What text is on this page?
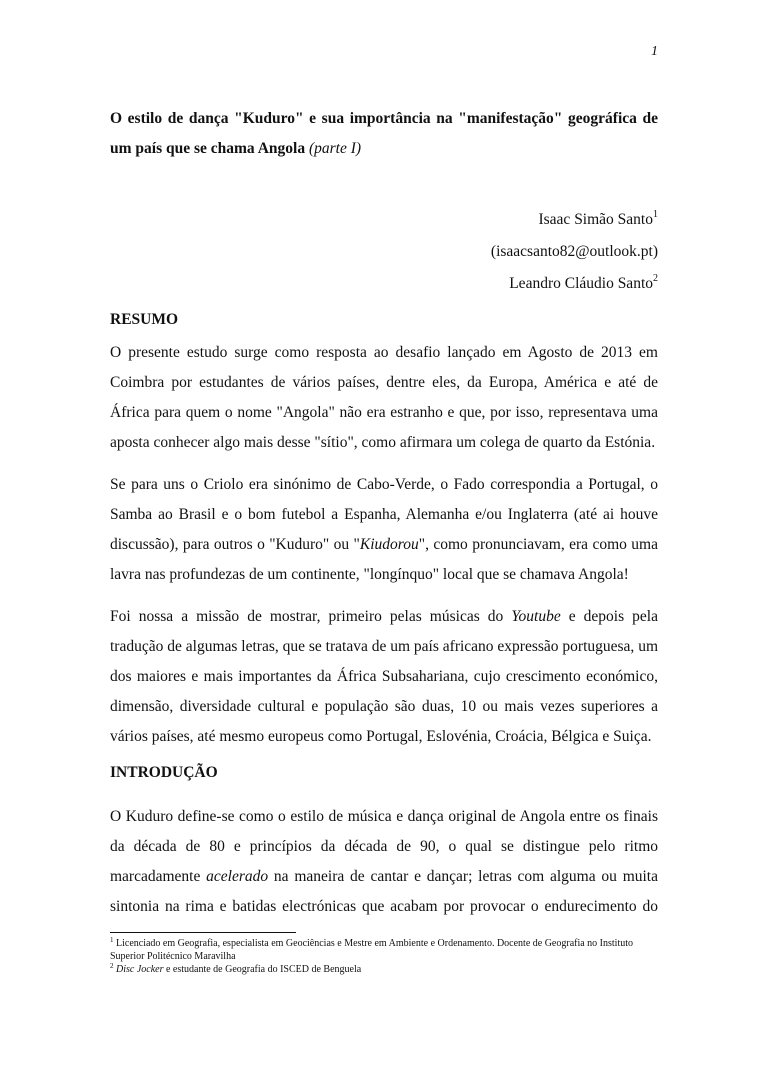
1
O estilo de dança "Kuduro" e sua importância na "manifestação" geográfica de um país que se chama Angola (parte I)
Isaac Simão Santo$^1$
(isaacsanto82@outlook.pt)
Leandro Cláudio Santo$^2$
RESUMO

O presente estudo surge como resposta ao desafio lançado em Agosto de 2013 em Coimbra por estudantes de vários países, dentre eles, da Europa, América e até de África para quem o nome "Angola" não era estranho e que, por isso, representava uma aposta conhecer algo mais desse "sítio", como afirmara um colega de quarto da Estónia.

Se para uns o Criolo era sinónimo de Cabo-Verde, o Fado correspondia a Portugal, o Samba ao Brasil e o bom futebol a Espanha, Alemanha e/ou Inglaterra (até ai houve discussão), para outros o "Kuduro" ou "Kiudorou", como pronunciavam, era como uma lavra nas profundezas de um continente, "longínquo" local que se chamava Angola!

Foi nossa a missão de mostrar, primeiro pelas músicas do Youtube e depois pela tradução de algumas letras, que se tratava de um país africano expressão portuguesa, um dos maiores e mais importantes da África Subsahariana, cujo crescimento económico, dimensão, diversidade cultural e população são duas, 10 ou mais vezes superiores a vários países, até mesmo europeus como Portugal, Eslovénia, Croácia, Bélgica e Suiça.

INTRODUÇÃO

O Kuduro define-se como o estilo de música e dança original de Angola entre os finais da década de 80 e princípios da década de 90, o qual se distingue pelo ritmo marcadamente acelerado na maneira de cantar e dançar; letras com alguma ou muita sintonia na rima e batidas electrónicas que acabam por provocar o endurecimento do

$^1$ Licenciado em Geografia, especialista em Geociências e Mestre em Ambiente e Ordenamento. Docente de Geografia no Instituto Superior Politécnico Maravilha

$^2$ Disc Jocker e estudante de Geografia do ISCED de Benguela
